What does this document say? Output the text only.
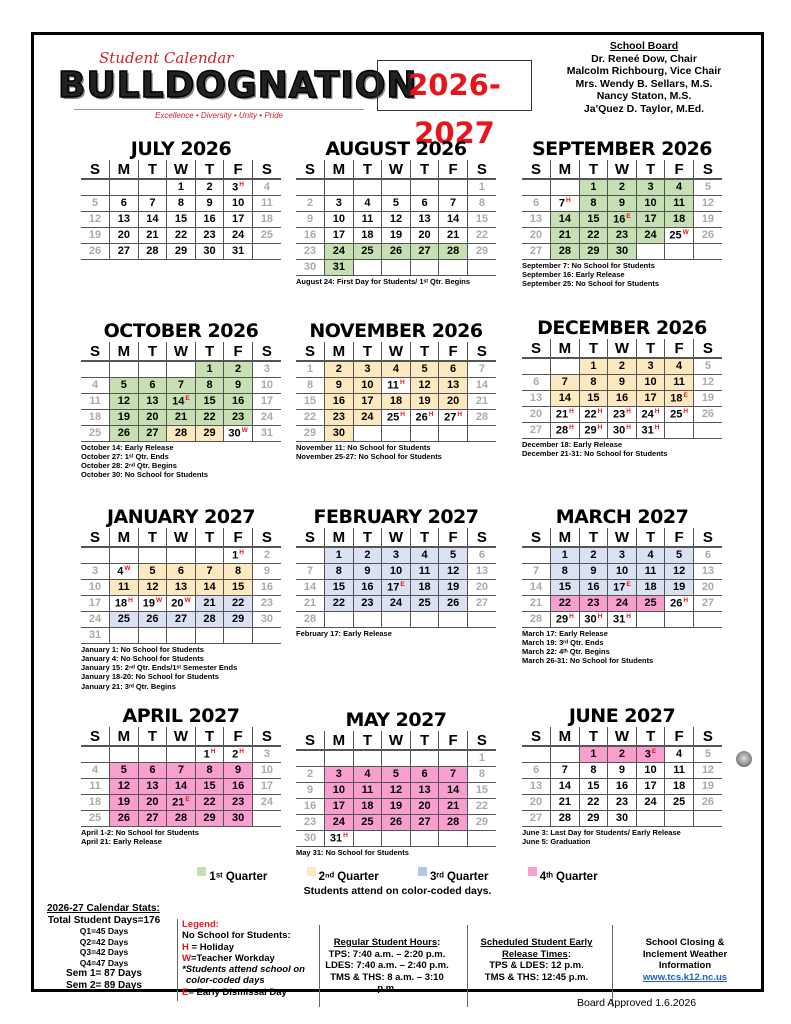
Student Calendar
BULLDOGNATION
Excellence • Diversity • Unity • Pride
2026-2027
School Board
Dr. Reneé Dow, Chair
Malcolm Richbourg, Vice Chair
Mrs. Wendy B. Sellars, M.S.
Nancy Staton, M.S.
Ja'Quez D. Taylor, M.Ed.
JULY 2026
S	M	T	W	T	F	S
			1	2	$3^H$	4
5	6	7	8	9	10	11
12	13	14	15	16	17	18
19	20	21	22	23	24	25
26	27	28	29	30	31	
AUGUST 2026
S	M	T	W	T	F	S
						1
2	3	4	5	6	7	8
9	10	11	12	13	14	15
16	17	18	19	20	21	22
23	24	25	26	27	28	29
30	31					
August 24: First Day for Students/ 1ˢᵗ Qtr. Begins
SEPTEMBER 2026
S	M	T	W	T	F	S
		1	2	3	4	5
6	$7^H$	8	9	10	11	12
13	14	15	$16^E$	17	18	19
20	21	22	23	24	$25^W$	26
27	28	29	30			
September 7: No School for Students
September 16: Early Release
September 25: No School for Students
OCTOBER 2026
S	M	T	W	T	F	S
				1	2	3
4	5	6	7	8	9	10
11	12	13	$14^E$	15	16	17
18	19	20	21	22	23	24
25	26	27	28	29	$30^W$	31
October 14: Early Release
October 27: 1ˢᵗ Qtr. Ends
October 28: 2ⁿᵈ Qtr. Begins
October 30: No School for Students
NOVEMBER 2026
S	M	T	W	T	F	S
1	2	3	4	5	6	7
8	9	10	$11^H$	12	13	14
15	16	17	18	19	20	21
22	23	24	$25^H$	$26^H$	$27^H$	28
29	30					
November 11: No School for Students
November 25-27: No School for Students
DECEMBER 2026
S	M	T	W	T	F	S
		1	2	3	4	5
6	7	8	9	10	11	12
13	14	15	16	17	$18^E$	19
20	$21^H$	$22^H$	$23^H$	$24^H$	$25^H$	26
27	$28^H$	$29^H$	$30^H$	$31^H$		
December 18: Early Release
December 21-31: No School for Students
JANUARY 2027
S	M	T	W	T	F	S
					$1^H$	2
3	$4^W$	5	6	7	8	9
10	11	12	13	14	15	16
17	$18^H$	$19^W$	$20^W$	21	22	23
24	25	26	27	28	29	30
31						
January 1: No School for Students
January 4: No School for Students
January 15: 2ⁿᵈ Qtr. Ends/1ˢᵗ Semester Ends
January 18-20: No School for Students
January 21: 3ʳᵈ Qtr. Begins
FEBRUARY 2027
S	M	T	W	T	F	S
	1	2	3	4	5	6
7	8	9	10	11	12	13
14	15	16	$17^E$	18	19	20
21	22	23	24	25	26	27
28						
February 17: Early Release
MARCH 2027
S	M	T	W	T	F	S
	1	2	3	4	5	6
7	8	9	10	11	12	13
14	15	16	$17^E$	18	19	20
21	22	23	24	25	$26^H$	27
28	$29^H$	$30^H$	$31^H$			
March 17: Early Release
March 19: 3ʳᵈ Qtr. Ends
March 22: 4ᵗʰ Qtr. Begins
March 26-31: No School for Students
APRIL 2027
S	M	T	W	T	F	S
				$1^H$	$2^H$	3
4	5	6	7	8	9	10
11	12	13	14	15	16	17
18	19	20	$21^E$	22	23	24
25	26	27	28	29	30	
April 1-2: No School for Students
April 21: Early Release
MAY 2027
S	M	T	W	T	F	S
						1
2	3	4	5	6	7	8
9	10	11	12	13	14	15
16	17	18	19	20	21	22
23	24	25	26	27	28	29
30	$31^H$					
May 31: No School for Students
JUNE 2027
S	M	T	W	T	F	S
		1	2	$3^E$	4	5
6	7	8	9	10	11	12
13	14	15	16	17	18	19
20	21	22	23	24	25	26
27	28	29	30			
June 3: Last Day for Students/ Early Release
June 5: Graduation
1ˢᵗ Quarter	2ⁿᵈ Quarter	3ʳᵈ Quarter	4ᵗʰ Quarter
Students attend on color-coded days.
2026-27 Calendar Stats:
Total Student Days=176
Q1=45 Days
Q2=42 Days
Q3=42 Days
Q4=47 Days
Sem 1= 87 Days
Sem 2= 89 Days
Legend:
No School for Students:
H = Holiday
W=Teacher Workday
*Students attend school on
color-coded days
E= Early Dismissal Day
Regular Student Hours:
TPS: 7:40 a.m. – 2:20 p.m.
LDES: 7:40 a.m. – 2:40 p.m.
TMS & THS: 8 a.m. – 3:10 p.m.
Scheduled Student Early
Release Times:
TPS & LDES: 12 p.m.
TMS & THS: 12:45 p.m.
School Closing &
Inclement Weather
Information
www.tcs.k12.nc.us
Board Approved 1.6.2026
